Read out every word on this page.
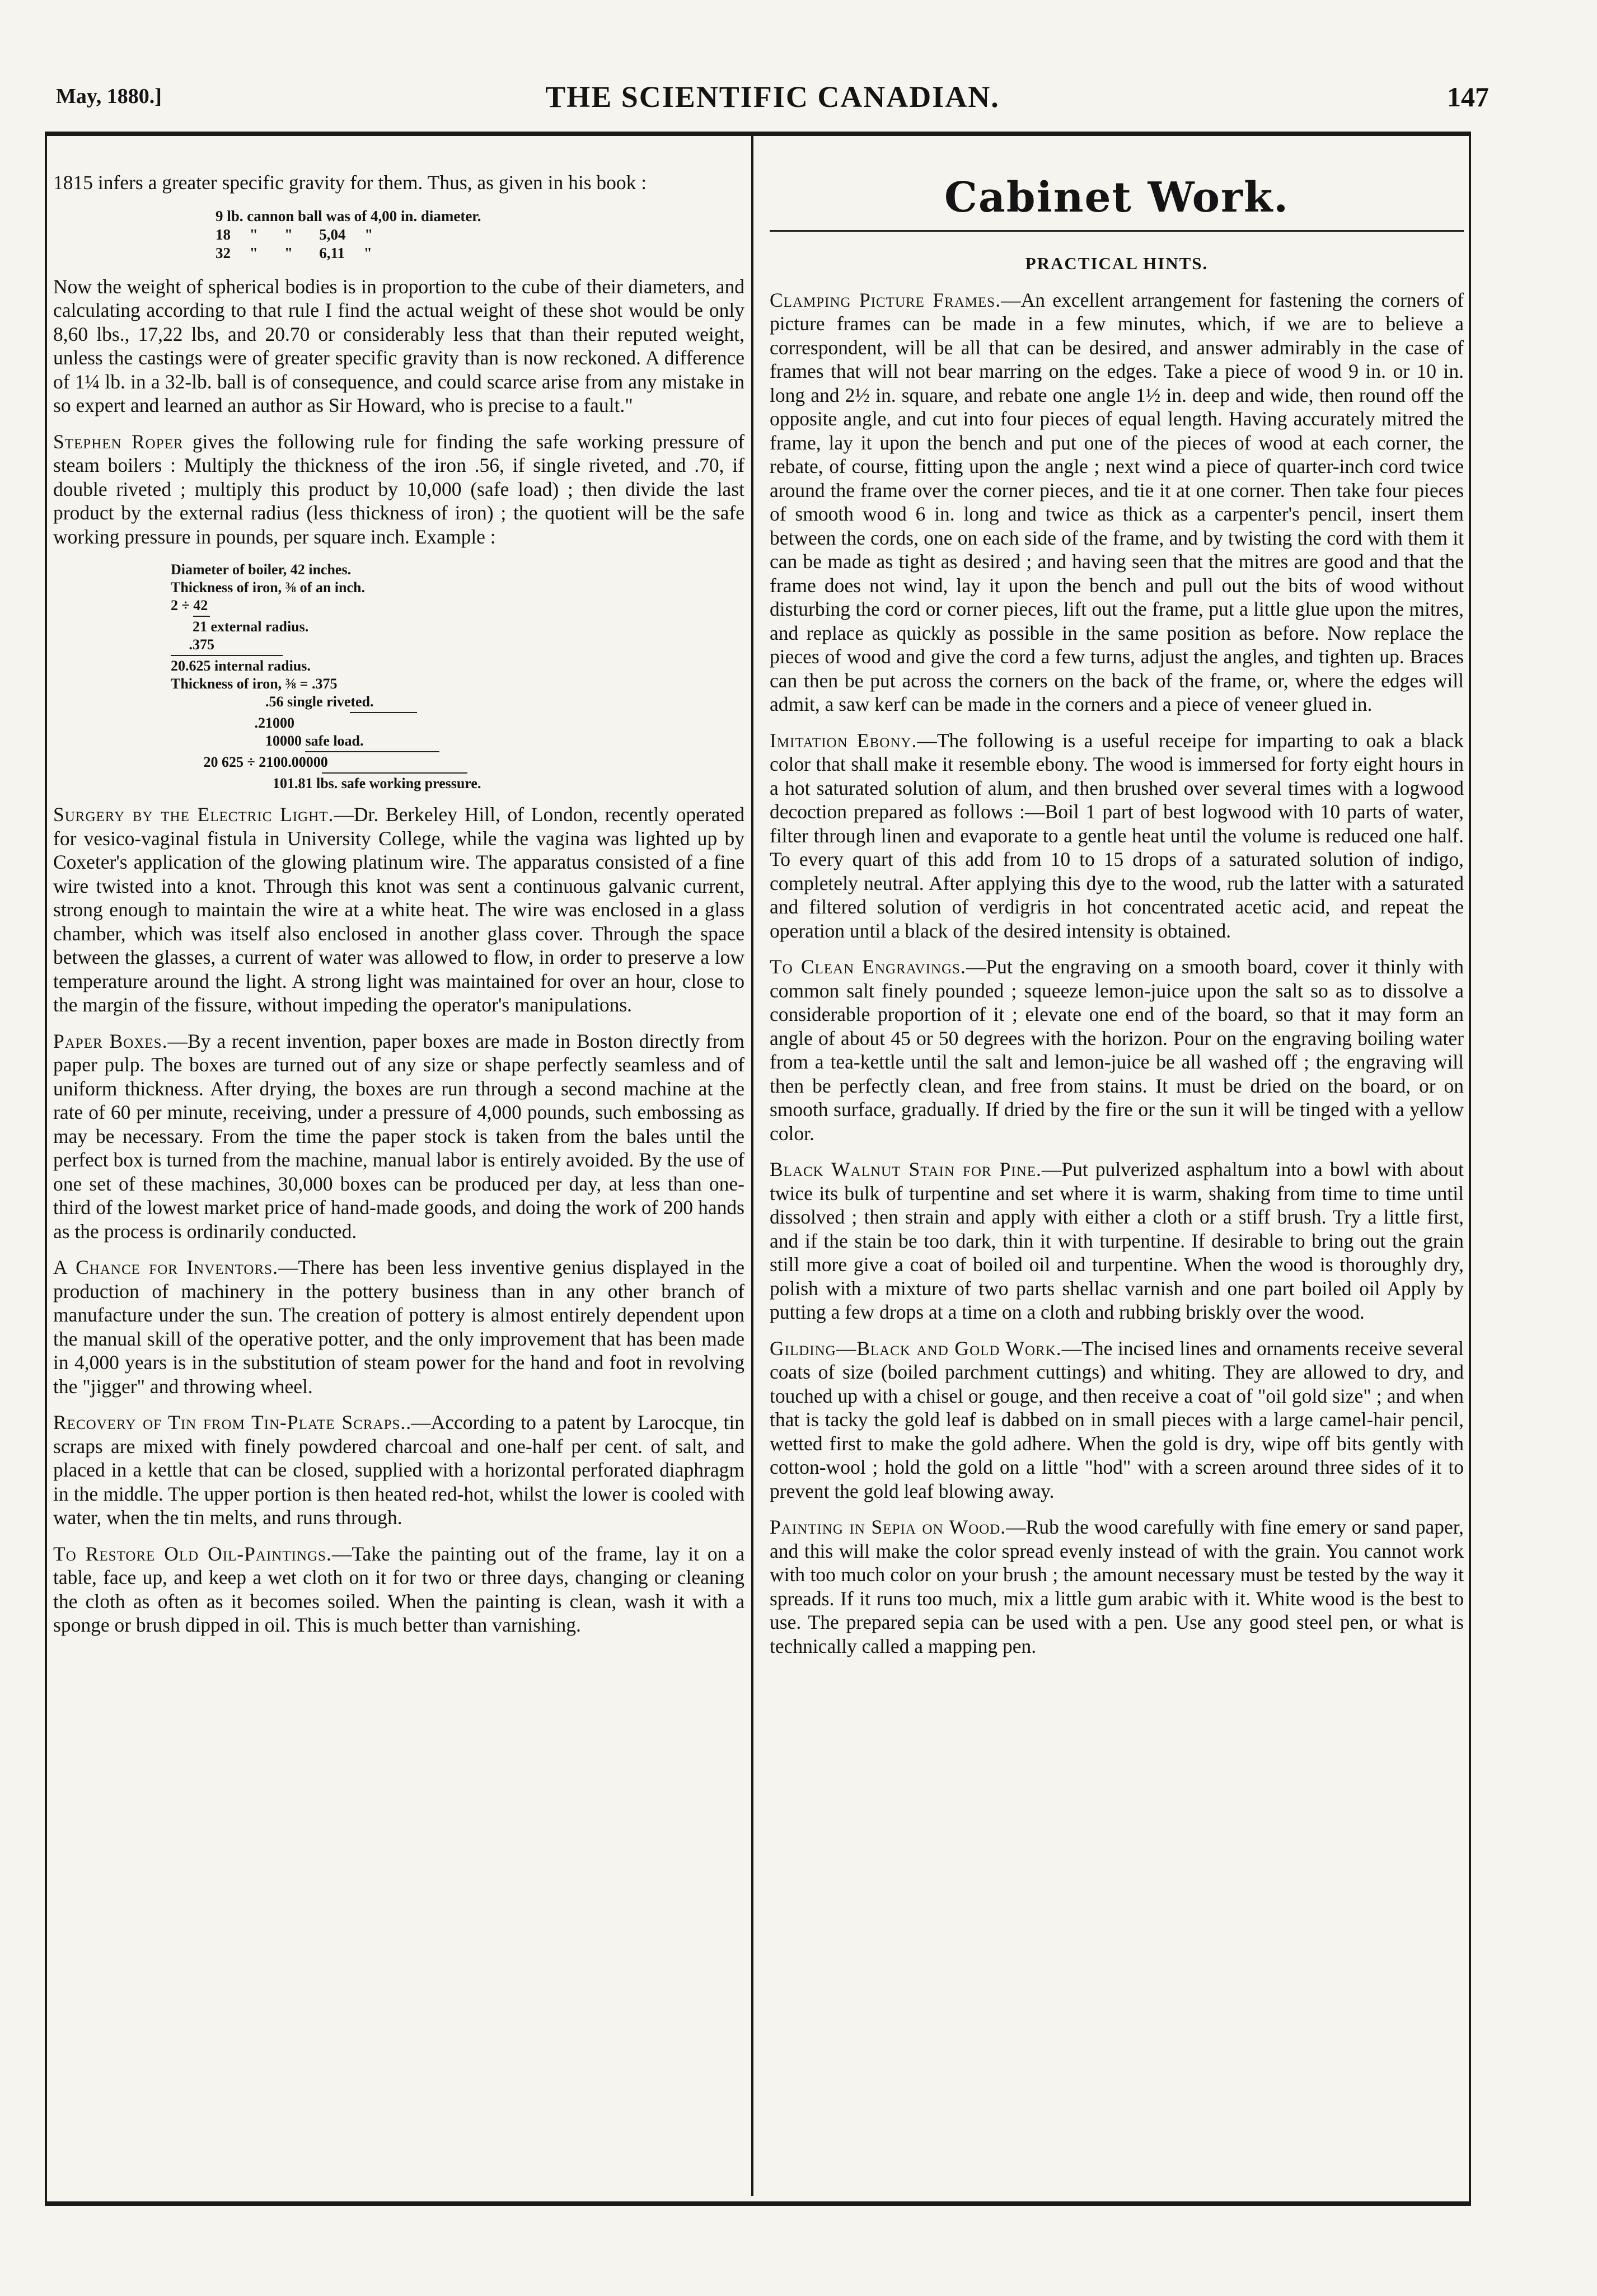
May, 1880.]	THE SCIENTIFIC CANADIAN.	147

1815 infers a greater specific gravity for them. Thus, as given in his book :

9 lb. cannon ball was of 4,00 in. diameter.
18     "       "       5,04     "
32     "       "       6,11     "

Now the weight of spherical bodies is in proportion to the cube of their diameters, and calculating according to that rule I find the actual weight of these shot would be only 8,60 lbs., 17,22 lbs, and 20.70 or considerably less that than their reputed weight, unless the castings were of greater specific gravity than is now reckoned. A difference of 1¼ lb. in a 32-lb. ball is of consequence, and could scarce arise from any mistake in so expert and learned an author as Sir Howard, who is precise to a fault."

Stephen Roper gives the following rule for finding the safe working pressure of steam boilers : Multiply the thickness of the iron .56, if single riveted, and .70, if double riveted ; multiply this product by 10,000 (safe load) ; then divide the last product by the external radius (less thickness of iron) ; the quotient will be the safe working pressure in pounds, per square inch. Example :

Diameter of boiler, 42 inches.
Thickness of iron, ⅜ of an inch.
2 ÷ 42
21 external radius.
.375
20.625 internal radius.
Thickness of iron, ⅜ = .375
.56 single riveted.
.21000
10000 safe load.
20 625 ÷ 2100.00000
101.81 lbs. safe working pressure.

Surgery by the Electric Light.—Dr. Berkeley Hill, of London, recently operated for vesico-vaginal fistula in University College, while the vagina was lighted up by Coxeter's application of the glowing platinum wire. The apparatus consisted of a fine wire twisted into a knot. Through this knot was sent a continuous galvanic current, strong enough to maintain the wire at a white heat. The wire was enclosed in a glass chamber, which was itself also enclosed in another glass cover. Through the space between the glasses, a current of water was allowed to flow, in order to preserve a low temperature around the light. A strong light was maintained for over an hour, close to the margin of the fissure, without impeding the operator's manipulations.

Paper Boxes.—By a recent invention, paper boxes are made in Boston directly from paper pulp. The boxes are turned out of any size or shape perfectly seamless and of uniform thickness. After drying, the boxes are run through a second machine at the rate of 60 per minute, receiving, under a pressure of 4,000 pounds, such embossing as may be necessary. From the time the paper stock is taken from the bales until the perfect box is turned from the machine, manual labor is entirely avoided. By the use of one set of these machines, 30,000 boxes can be produced per day, at less than one-third of the lowest market price of hand-made goods, and doing the work of 200 hands as the process is ordinarily conducted.

A Chance for Inventors.—There has been less inventive genius displayed in the production of machinery in the pottery business than in any other branch of manufacture under the sun. The creation of pottery is almost entirely dependent upon the manual skill of the operative potter, and the only improvement that has been made in 4,000 years is in the substitution of steam power for the hand and foot in revolving the "jigger" and throwing wheel.

Recovery of Tin from Tin-Plate Scraps..—According to a patent by Larocque, tin scraps are mixed with finely powdered charcoal and one-half per cent. of salt, and placed in a kettle that can be closed, supplied with a horizontal perforated diaphragm in the middle. The upper portion is then heated red-hot, whilst the lower is cooled with water, when the tin melts, and runs through.

To Restore Old Oil-Paintings.—Take the painting out of the frame, lay it on a table, face up, and keep a wet cloth on it for two or three days, changing or cleaning the cloth as often as it becomes soiled. When the painting is clean, wash it with a sponge or brush dipped in oil. This is much better than varnishing.

Cabinet Work.
PRACTICAL HINTS.

Clamping Picture Frames.—An excellent arrangement for fastening the corners of picture frames can be made in a few minutes, which, if we are to believe a correspondent, will be all that can be desired, and answer admirably in the case of frames that will not bear marring on the edges. Take a piece of wood 9 in. or 10 in. long and 2½ in. square, and rebate one angle 1½ in. deep and wide, then round off the opposite angle, and cut into four pieces of equal length. Having accurately mitred the frame, lay it upon the bench and put one of the pieces of wood at each corner, the rebate, of course, fitting upon the angle ; next wind a piece of quarter-inch cord twice around the frame over the corner pieces, and tie it at one corner. Then take four pieces of smooth wood 6 in. long and twice as thick as a carpenter's pencil, insert them between the cords, one on each side of the frame, and by twisting the cord with them it can be made as tight as desired ; and having seen that the mitres are good and that the frame does not wind, lay it upon the bench and pull out the bits of wood without disturbing the cord or corner pieces, lift out the frame, put a little glue upon the mitres, and replace as quickly as possible in the same position as before. Now replace the pieces of wood and give the cord a few turns, adjust the angles, and tighten up. Braces can then be put across the corners on the back of the frame, or, where the edges will admit, a saw kerf can be made in the corners and a piece of veneer glued in.

Imitation Ebony.—The following is a useful receipe for imparting to oak a black color that shall make it resemble ebony. The wood is immersed for forty eight hours in a hot saturated solution of alum, and then brushed over several times with a logwood decoction prepared as follows :—Boil 1 part of best logwood with 10 parts of water, filter through linen and evaporate to a gentle heat until the volume is reduced one half. To every quart of this add from 10 to 15 drops of a saturated solution of indigo, completely neutral. After applying this dye to the wood, rub the latter with a saturated and filtered solution of verdigris in hot concentrated acetic acid, and repeat the operation until a black of the desired intensity is obtained.

To Clean Engravings.—Put the engraving on a smooth board, cover it thinly with common salt finely pounded ; squeeze lemon-juice upon the salt so as to dissolve a considerable proportion of it ; elevate one end of the board, so that it may form an angle of about 45 or 50 degrees with the horizon. Pour on the engraving boiling water from a tea-kettle until the salt and lemon-juice be all washed off ; the engraving will then be perfectly clean, and free from stains. It must be dried on the board, or on smooth surface, gradually. If dried by the fire or the sun it will be tinged with a yellow color.

Black Walnut Stain for Pine.—Put pulverized asphaltum into a bowl with about twice its bulk of turpentine and set where it is warm, shaking from time to time until dissolved ; then strain and apply with either a cloth or a stiff brush. Try a little first, and if the stain be too dark, thin it with turpentine. If desirable to bring out the grain still more give a coat of boiled oil and turpentine. When the wood is thoroughly dry, polish with a mixture of two parts shellac varnish and one part boiled oil Apply by putting a few drops at a time on a cloth and rubbing briskly over the wood.

Gilding—Black and Gold Work.—The incised lines and ornaments receive several coats of size (boiled parchment cuttings) and whiting. They are allowed to dry, and touched up with a chisel or gouge, and then receive a coat of "oil gold size" ; and when that is tacky the gold leaf is dabbed on in small pieces with a large camel-hair pencil, wetted first to make the gold adhere. When the gold is dry, wipe off bits gently with cotton-wool ; hold the gold on a little "hod" with a screen around three sides of it to prevent the gold leaf blowing away.

Painting in Sepia on Wood.—Rub the wood carefully with fine emery or sand paper, and this will make the color spread evenly instead of with the grain. You cannot work with too much color on your brush ; the amount necessary must be tested by the way it spreads. If it runs too much, mix a little gum arabic with it. White wood is the best to use. The prepared sepia can be used with a pen. Use any good steel pen, or what is technically called a mapping pen.
